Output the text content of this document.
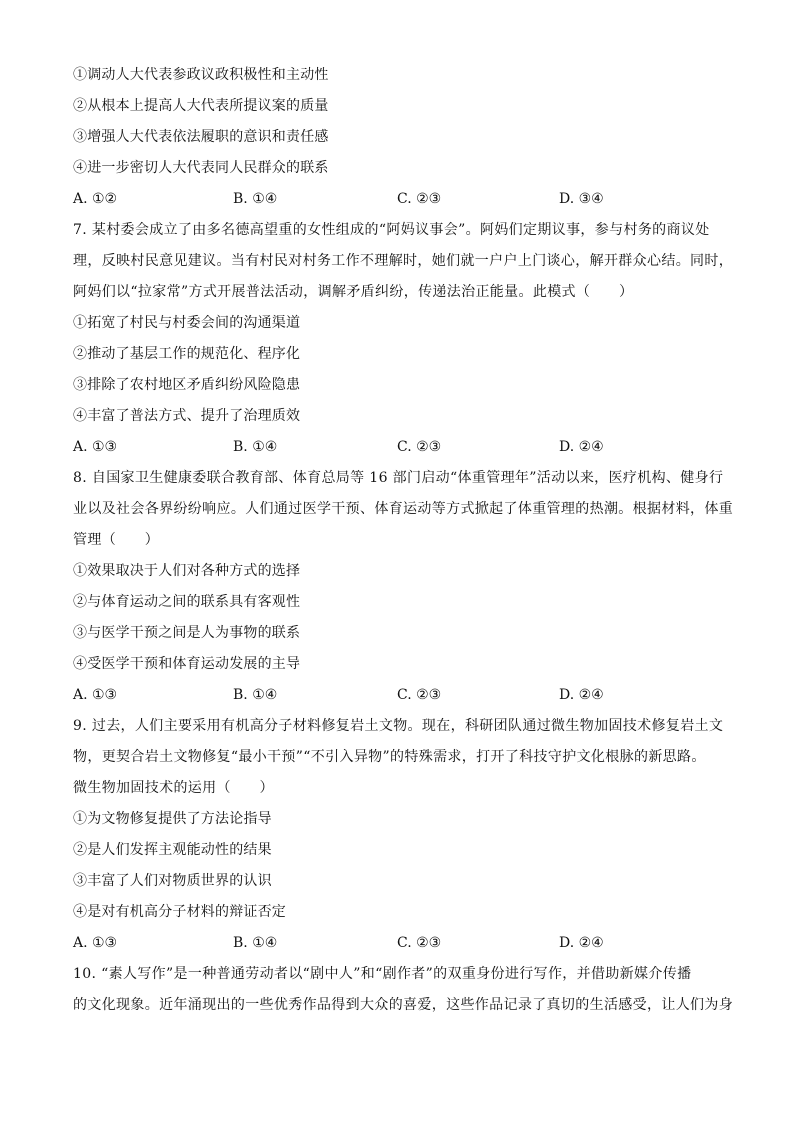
①调动人大代表参政议政积极性和主动性
②从根本上提高人大代表所提议案的质量
③增强人大代表依法履职的意识和责任感
④进一步密切人大代表同人民群众的联系
A. ①②	B. ①④	C. ②③	D. ③④
7. 某村委会成立了由多名德高望重的女性组成的“阿妈议事会”。阿妈们定期议事，参与村务的商议处
理，反映村民意见建议。当有村民对村务工作不理解时，她们就一户户上门谈心，解开群众心结。同时，
阿妈们以“拉家常”方式开展普法活动，调解矛盾纠纷，传递法治正能量。此模式（　　）
①拓宽了村民与村委会间的沟通渠道
②推动了基层工作的规范化、程序化
③排除了农村地区矛盾纠纷风险隐患
④丰富了普法方式、提升了治理质效
A. ①③	B. ①④	C. ②③	D. ②④
8. 自国家卫生健康委联合教育部、体育总局等 16 部门启动“体重管理年”活动以来，医疗机构、健身行
业以及社会各界纷纷响应。人们通过医学干预、体育运动等方式掀起了体重管理的热潮。根据材料，体重
管理（　　）
①效果取决于人们对各种方式的选择
②与体育运动之间的联系具有客观性
③与医学干预之间是人为事物的联系
④受医学干预和体育运动发展的主导
A. ①③	B. ①④	C. ②③	D. ②④
9. 过去，人们主要采用有机高分子材料修复岩土文物。现在，科研团队通过微生物加固技术修复岩土文
物，更契合岩土文物修复“最小干预”“不引入异物”的特殊需求，打开了科技守护文化根脉的新思路。
微生物加固技术的运用（　　）
①为文物修复提供了方法论指导
②是人们发挥主观能动性的结果
③丰富了人们对物质世界的认识
④是对有机高分子材料的辩证否定
A. ①③	B. ①④	C. ②③	D. ②④
10. “素人写作”是一种普通劳动者以“剧中人”和“剧作者”的双重身份进行写作，并借助新媒介传播
的文化现象。近年涌现出的一些优秀作品得到大众的喜爱，这些作品记录了真切的生活感受，让人们为身
